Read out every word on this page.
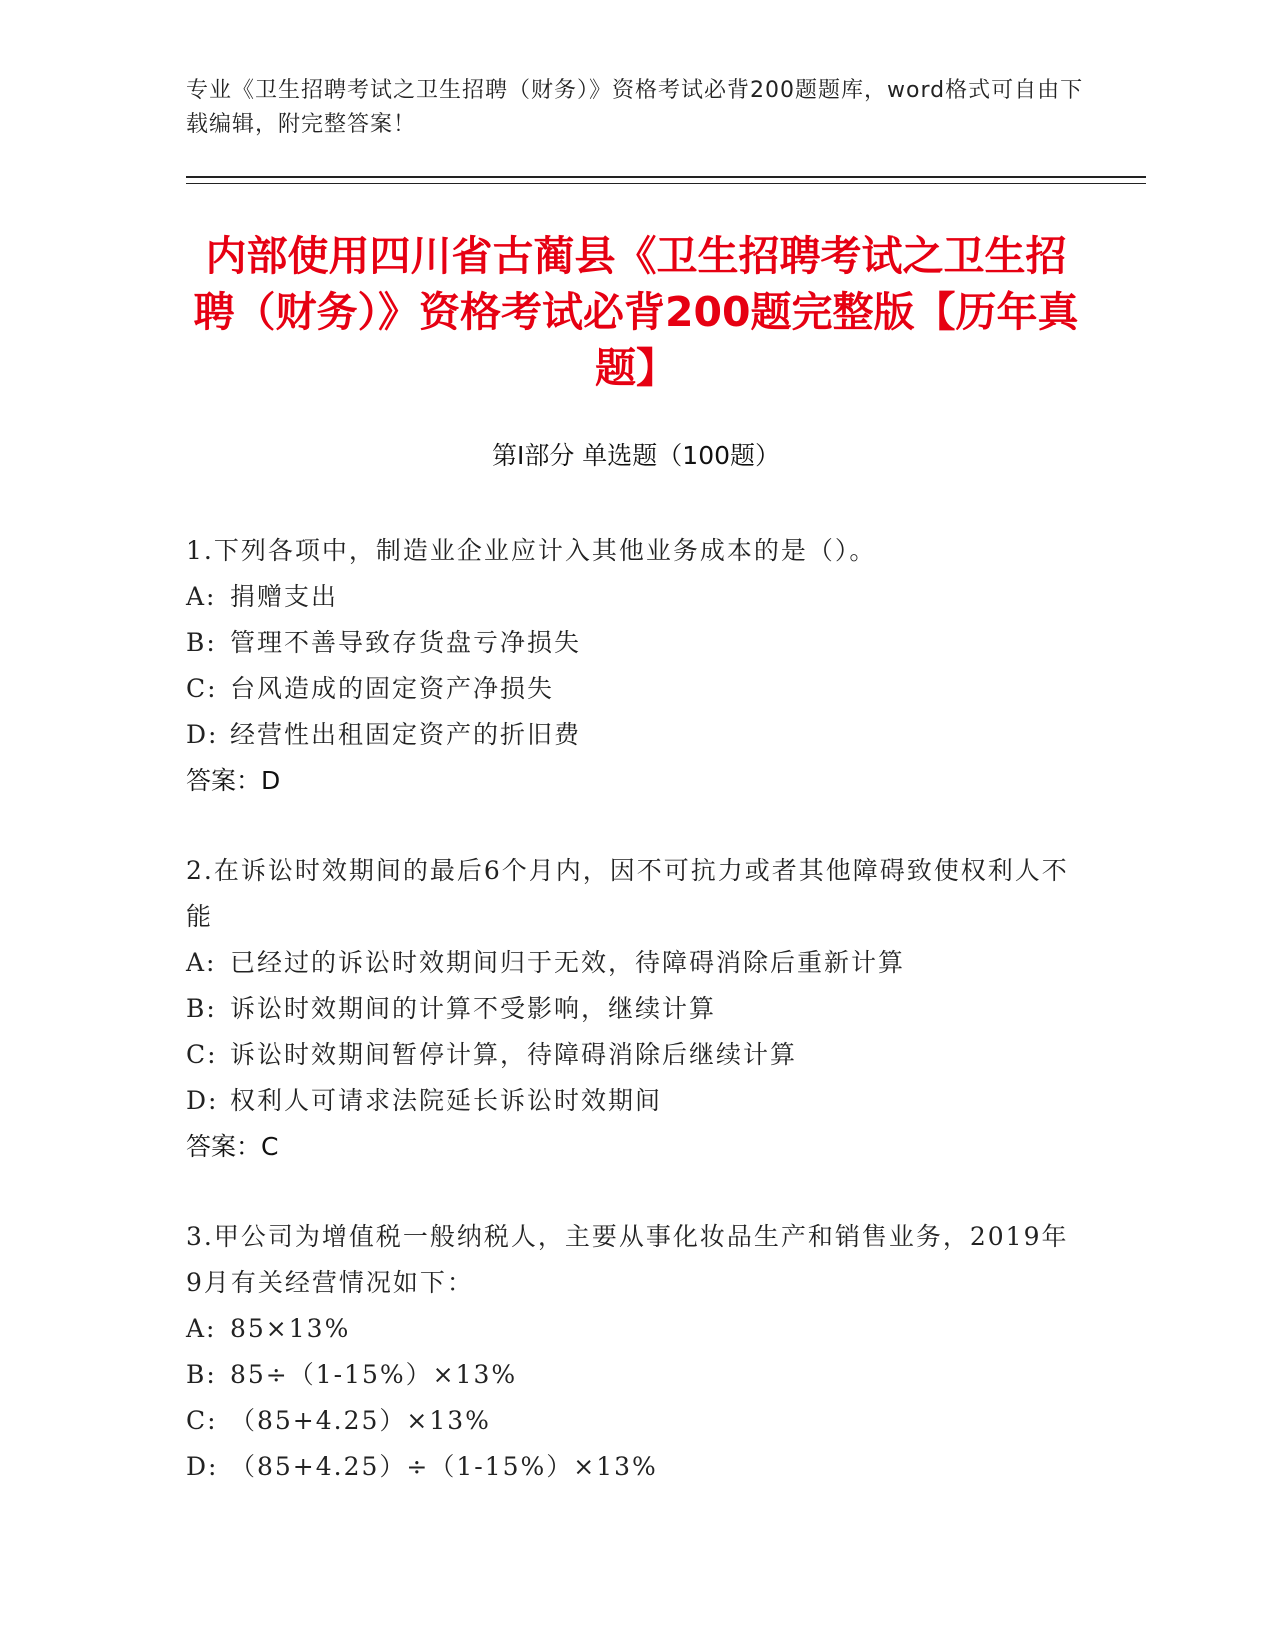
专业《卫生招聘考试之卫生招聘（财务）》资格考试必背200题题库，word格式可自由下载编辑，附完整答案！
内部使用四川省古蔺县《卫生招聘考试之卫生招聘（财务）》资格考试必背200题完整版【历年真题】
第I部分 单选题（100题）
1.下列各项中，制造业企业应计入其他业务成本的是（）。
A: 捐赠支出
B: 管理不善导致存货盘亏净损失
C: 台风造成的固定资产净损失
D: 经营性出租固定资产的折旧费
答案：D
2.在诉讼时效期间的最后6个月内，因不可抗力或者其他障碍致使权利人不能
A: 已经过的诉讼时效期间归于无效，待障碍消除后重新计算
B: 诉讼时效期间的计算不受影响，继续计算
C: 诉讼时效期间暂停计算，待障碍消除后继续计算
D: 权利人可请求法院延长诉讼时效期间
答案：C
3.甲公司为增值税一般纳税人，主要从事化妆品生产和销售业务，2019年9月有关经营情况如下：
A: 85×13%
B: 85÷（1-15%）×13%
C: （85+4.25）×13%
D: （85+4.25）÷（1-15%）×13%
